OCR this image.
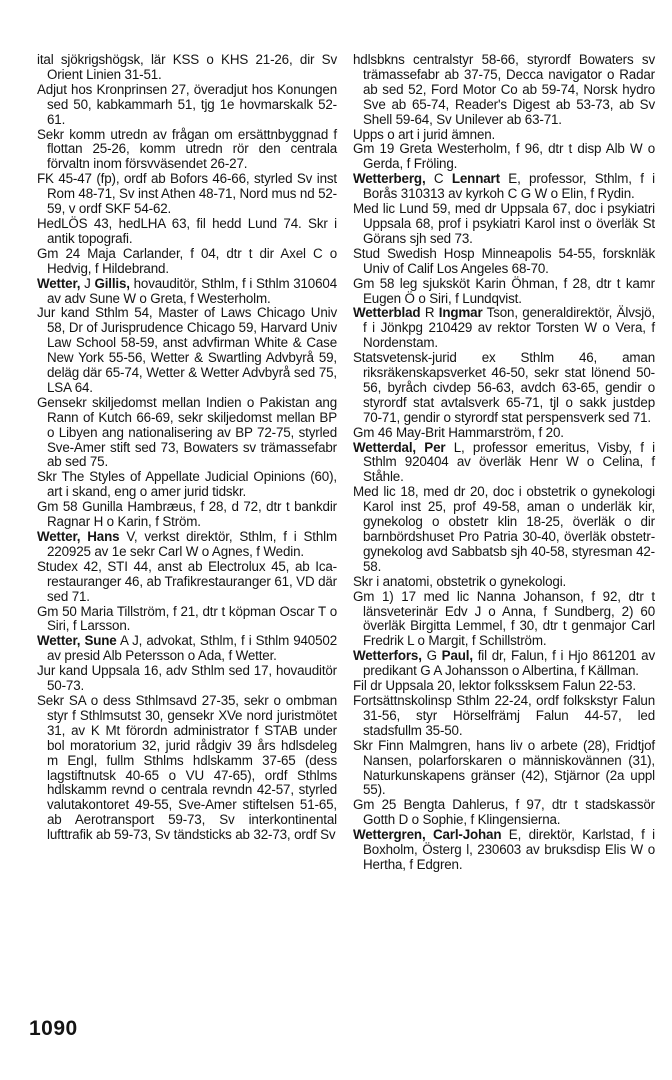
ital sjökrigshögsk, lär KSS o KHS 21-26, dir Sv Orient Linien 31-51.

Adjut hos Kronprinsen 27, överadjut hos Konungen sed 50, kabkammarh 51, tjg 1e hovmarskalk 52-61.

Sekr komm utredn av frågan om ersättnbyggnad f flottan 25-26, komm utredn rör den centrala förvaltn inom försvväsendet 26-27.

FK 45-47 (fp), ordf ab Bofors 46-66, styrled Sv inst Rom 48-71, Sv inst Athen 48-71, Nord mus nd 52-59, v ordf SKF 54-62.

HedLÖS 43, hedLHA 63, fil hedd Lund 74. Skr i antik topografi.

Gm 24 Maja Carlander, f 04, dtr t dir Axel C o Hedvig, f Hildebrand.

Wetter, J Gillis, hovauditör, Sthlm, f i Sthlm 310604 av adv Sune W o Greta, f Westerholm.

Jur kand Sthlm 54, Master of Laws Chicago Univ 58, Dr of Jurisprudence Chicago 59, Harvard Univ Law School 58-59, anst advfirman White & Case New York 55-56, Wetter & Swartling Advbyrå 59, deläg där 65-74, Wetter & Wetter Advbyrå sed 75, LSA 64.

Gensekr skiljedomst mellan Indien o Pakistan ang Rann of Kutch 66-69, sekr skiljedomst mellan BP o Libyen ang nationalisering av BP 72-75, styrled Sve-Amer stift sed 73, Bowaters sv trämassefabr ab sed 75.

Skr The Styles of Appellate Judicial Opinions (60), art i skand, eng o amer jurid tidskr.

Gm 58 Gunilla Hambræus, f 28, d 72, dtr t bankdir Ragnar H o Karin, f Ström.

Wetter, Hans V, verkst direktör, Sthlm, f i Sthlm 220925 av 1e sekr Carl W o Agnes, f Wedin.

Studex 42, STI 44, anst ab Electrolux 45, ab Ica-restauranger 46, ab Trafikrestauranger 61, VD där sed 71.

Gm 50 Maria Tillström, f 21, dtr t köpman Oscar T o Siri, f Larsson.

Wetter, Sune A J, advokat, Sthlm, f i Sthlm 940502 av presid Alb Petersson o Ada, f Wetter.

Jur kand Uppsala 16, adv Sthlm sed 17, hovauditör 50-73.

Sekr SA o dess Sthlmsavd 27-35, sekr o ombman styr f Sthlmsutst 30, gensekr XVe nord juristmötet 31, av K Mt förordn administrator f STAB under bol moratorium 32, jurid rådgiv 39 års hdlsdeleg m Engl, fullm Sthlms hdlskamm 37-65 (dess lagstiftnutsk 40-65 o VU 47-65), ordf Sthlms hdlskamm revnd o centrala revndn 42-57, styrled valutakontoret 49-55, Sve-Amer stiftelsen 51-65, ab Aerotransport 59-73, Sv interkontinental lufttrafik ab 59-73, Sv tändsticks ab 32-73, ordf Sv

hdlsbkns centralstyr 58-66, styrordf Bowaters sv trämassefabr ab 37-75, Decca navigator o Radar ab sed 52, Ford Motor Co ab 59-74, Norsk hydro Sve ab 65-74, Reader's Digest ab 53-73, ab Sv Shell 59-64, Sv Unilever ab 63-71.

Upps o art i jurid ämnen.

Gm 19 Greta Westerholm, f 96, dtr t disp Alb W o Gerda, f Fröling.

Wetterberg, C Lennart E, professor, Sthlm, f i Borås 310313 av kyrkoh C G W o Elin, f Rydin.

Med lic Lund 59, med dr Uppsala 67, doc i psykiatri Uppsala 68, prof i psykiatri Karol inst o överläk St Görans sjh sed 73.

Stud Swedish Hosp Minneapolis 54-55, forsknläk Univ of Calif Los Angeles 68-70.

Gm 58 leg sjuksköt Karin Öhman, f 28, dtr t kamr Eugen Ö o Siri, f Lundqvist.

Wetterblad R Ingmar Tson, generaldirektör, Älvsjö, f i Jönkpg 210429 av rektor Torsten W o Vera, f Nordenstam.

Statsvetensk-jurid ex Sthlm 46, aman riksräkenskapsverket 46-50, sekr stat lönend 50-56, byråch civdep 56-63, avdch 63-65, gendir o styrordf stat avtalsverk 65-71, tjl o sakk justdep 70-71, gendir o styrordf stat perspensverk sed 71.

Gm 46 May-Brit Hammarström, f 20.

Wetterdal, Per L, professor emeritus, Visby, f i Sthlm 920404 av överläk Henr W o Celina, f Ståhle.

Med lic 18, med dr 20, doc i obstetrik o gynekologi Karol inst 25, prof 49-58, aman o underläk kir, gynekolog o obstetr klin 18-25, överläk o dir barnbördshuset Pro Patria 30-40, överläk obstetr-gynekolog avd Sabbatsb sjh 40-58, styresman 42-58.

Skr i anatomi, obstetrik o gynekologi.

Gm 1) 17 med lic Nanna Johanson, f 92, dtr t länsveterinär Edv J o Anna, f Sundberg, 2) 60 överläk Birgitta Lemmel, f 30, dtr t genmajor Carl Fredrik L o Margit, f Schillström.

Wetterfors, G Paul, fil dr, Falun, f i Hjo 861201 av predikant G A Johansson o Albertina, f Källman.

Fil dr Uppsala 20, lektor folkssksem Falun 22-53.

Fortsättnskolinsp Sthlm 22-24, ordf folkskstyr Falun 31-56, styr Hörselfrämj Falun 44-57, led stadsfullm 35-50.

Skr Finn Malmgren, hans liv o arbete (28), Fridtjof Nansen, polarforskaren o människovännen (31), Naturkunskapens gränser (42), Stjärnor (2a uppl 55).

Gm 25 Bengta Dahlerus, f 97, dtr t stadskassör Gotth D o Sophie, f Klingensierna.

Wettergren, Carl-Johan E, direktör, Karlstad, f i Boxholm, Österg l, 230603 av bruksdisp Elis W o Hertha, f Edgren.

1090
